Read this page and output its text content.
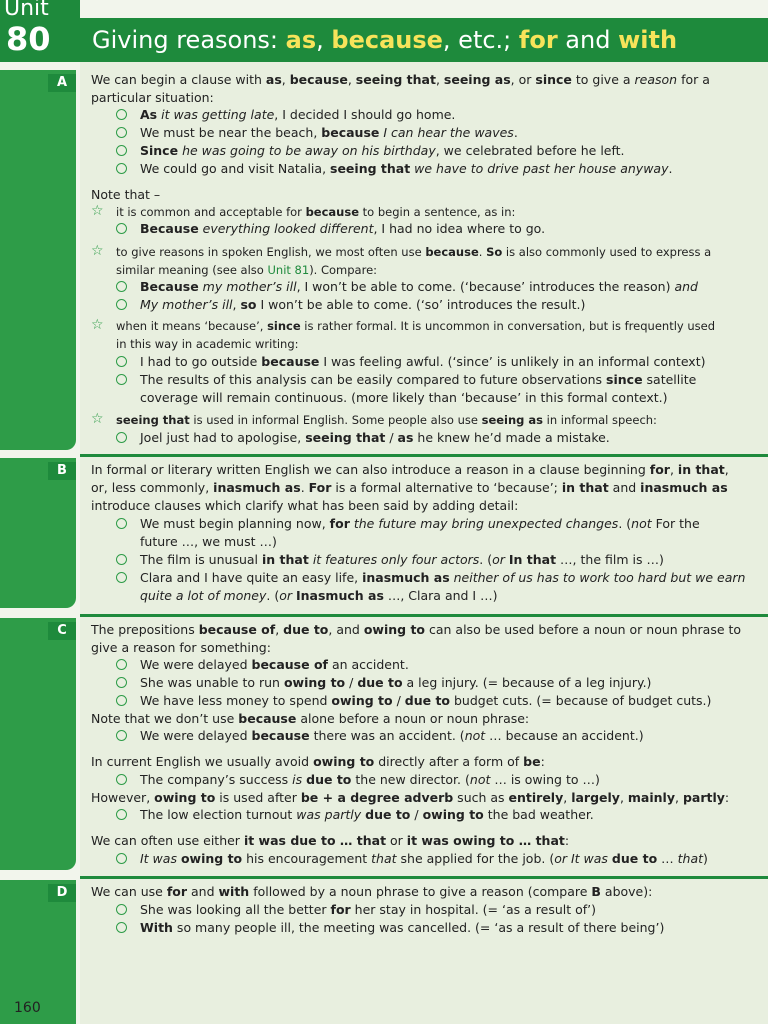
Unit
80	Giving reasons: as, because, etc.; for and with
A
B
C
D
We can begin a clause with as, because, seeing that, seeing as, or since to give a reason for a
particular situation:
As it was getting late, I decided I should go home.
We must be near the beach, because I can hear the waves.
Since he was going to be away on his birthday, we celebrated before he left.
We could go and visit Natalia, seeing that we have to drive past her house anyway.
Note that –
☆ it is common and acceptable for because to begin a sentence, as in:
Because everything looked different, I had no idea where to go.
☆ to give reasons in spoken English, we most often use because. So is also commonly used to express a
similar meaning (see also Unit 81). Compare:
Because my mother’s ill, I won’t be able to come. (‘because’ introduces the reason) and
My mother’s ill, so I won’t be able to come. (‘so’ introduces the result.)
☆ when it means ‘because’, since is rather formal. It is uncommon in conversation, but is frequently used
in this way in academic writing:
I had to go outside because I was feeling awful. (‘since’ is unlikely in an informal context)
The results of this analysis can be easily compared to future observations since satellite
coverage will remain continuous. (more likely than ‘because’ in this formal context.)
☆ seeing that is used in informal English. Some people also use seeing as in informal speech:
Joel just had to apologise, seeing that / as he knew he’d made a mistake.
In formal or literary written English we can also introduce a reason in a clause beginning for, in that,
or, less commonly, inasmuch as. For is a formal alternative to ‘because’; in that and inasmuch as
introduce clauses which clarify what has been said by adding detail:
We must begin planning now, for the future may bring unexpected changes. (not For the
future …, we must …)
The film is unusual in that it features only four actors. (or In that …, the film is …)
Clara and I have quite an easy life, inasmuch as neither of us has to work too hard but we earn
quite a lot of money. (or Inasmuch as …, Clara and I …)
The prepositions because of, due to, and owing to can also be used before a noun or noun phrase to
give a reason for something:
We were delayed because of an accident.
She was unable to run owing to / due to a leg injury. (= because of a leg injury.)
We have less money to spend owing to / due to budget cuts. (= because of budget cuts.)
Note that we don’t use because alone before a noun or noun phrase:
We were delayed because there was an accident. (not … because an accident.)
In current English we usually avoid owing to directly after a form of be:
The company’s success is due to the new director. (not … is owing to …)
However, owing to is used after be + a degree adverb such as entirely, largely, mainly, partly:
The low election turnout was partly due to / owing to the bad weather.
We can often use either it was due to … that or it was owing to … that:
It was owing to his encouragement that she applied for the job. (or It was due to … that)
We can use for and with followed by a noun phrase to give a reason (compare B above):
She was looking all the better for her stay in hospital. (= ‘as a result of’)
With so many people ill, the meeting was cancelled. (= ‘as a result of there being’)
160
